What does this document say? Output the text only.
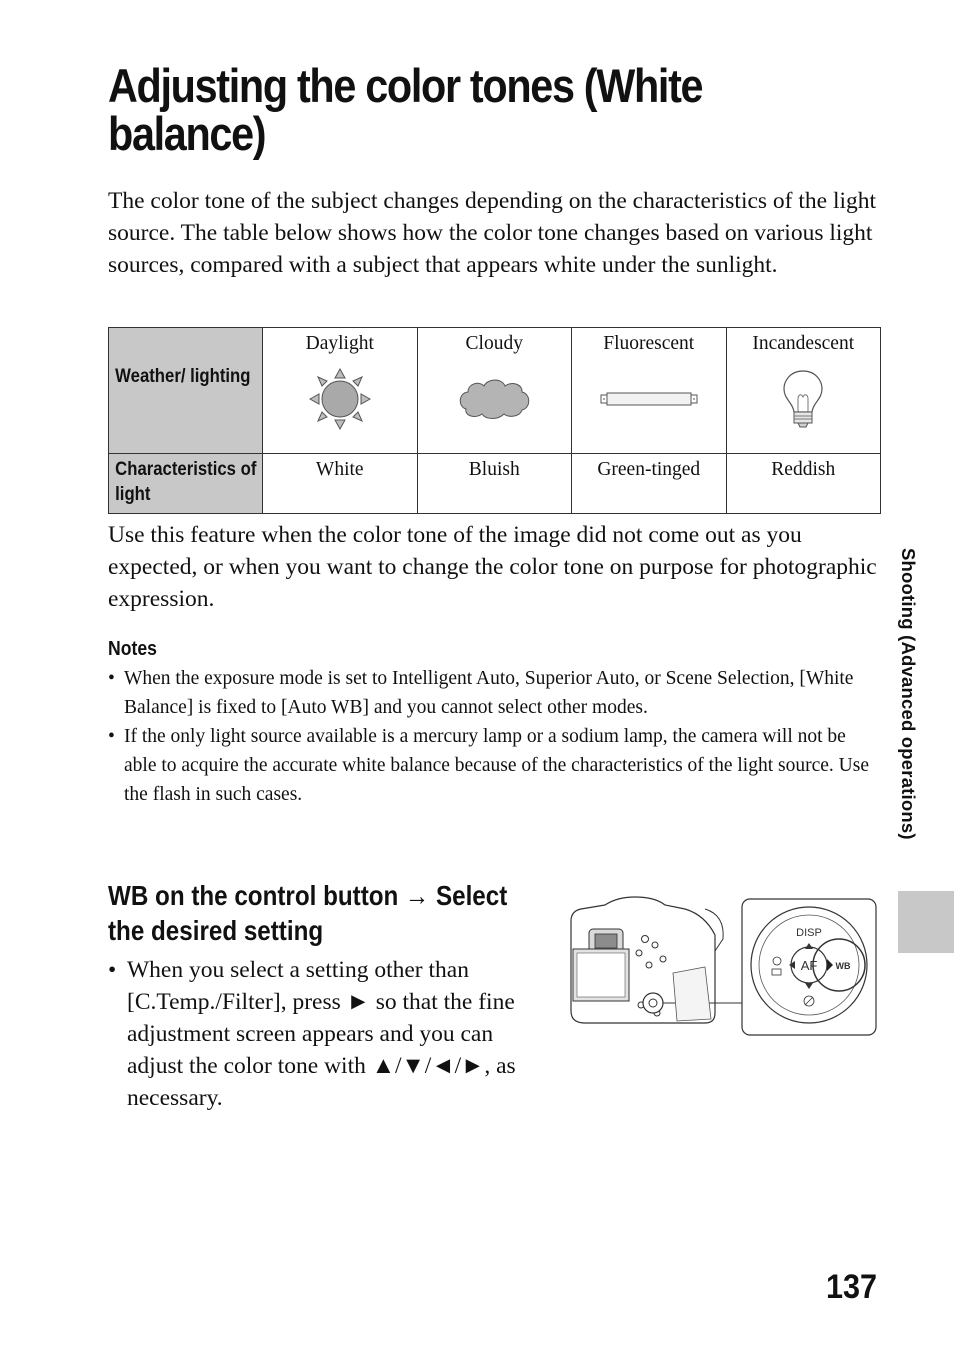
Adjusting the color tones (White balance)

The color tone of the subject changes depending on the characteristics of the light source. The table below shows how the color tone changes based on various light sources, compared with a subject that appears white under the sunlight.

Weather/ lighting	Daylight	Cloudy	Fluorescent	Incandescent

Characteristics of light	White	Bluish	Green-tinged	Reddish

Use this feature when the color tone of the image did not come out as you expected, or when you want to change the color tone on purpose for photographic expression.

Notes
• When the exposure mode is set to Intelligent Auto, Superior Auto, or Scene Selection, [White Balance] is fixed to [Auto WB] and you cannot select other modes.
• If the only light source available is a mercury lamp or a sodium lamp, the camera will not be able to acquire the accurate white balance because of the characteristics of the light source. Use the flash in such cases.
WB on the control button → Select the desired setting

• When you select a setting other than [C.Temp./Filter], press ► so that the fine adjustment screen appears and you can adjust the color tone with ▲/▼/◄/►, as necessary.

DISP
AF WB
Shooting (Advanced operations)
137
